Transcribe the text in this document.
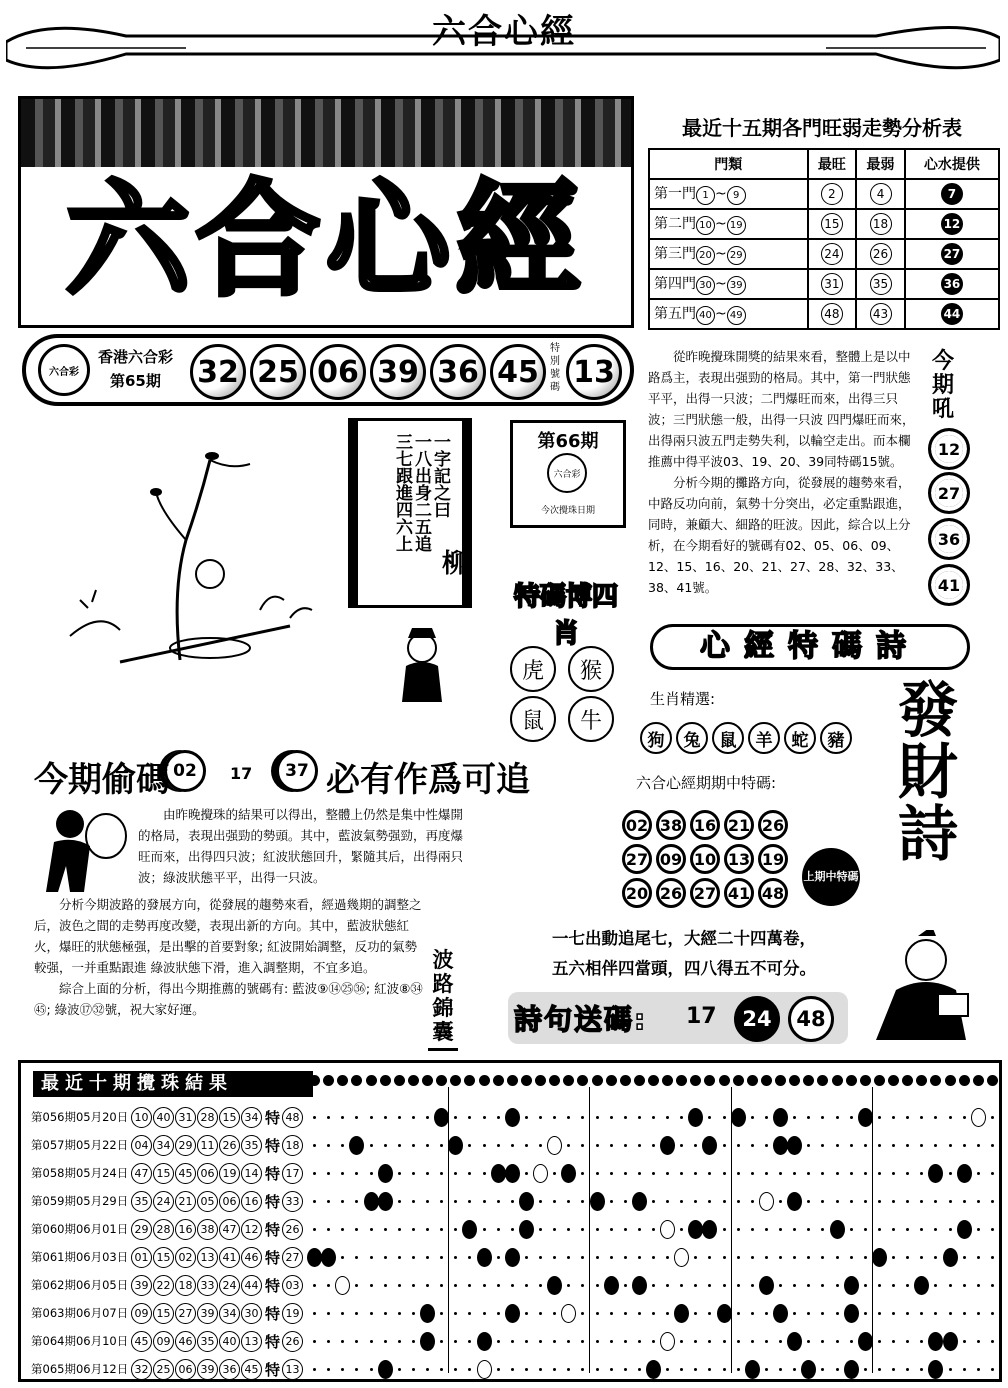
六合心經
六合心經
六合彩
香港六合彩
第65期 32 25 06 39 36 45
特別號碼 13
最近十五期各門旺弱走勢分析表
門類	最旺	最弱	心水提供
第一門 1 ~ 9	2	4	7
第二門 10 ~ 19	15	18	12
第三門 20 ~ 29	24	26	27
第四門 30 ~ 39	31	35	36
第五門 40 ~ 49	48	43	44

從昨晚攪珠開獎的結果來看，整體上是以中路爲主，表現出强勁的格局。其中，第一門狀態平平，出得一只波；二門爆旺而來，出得三只波；三門狀態一般，出得一只波 四門爆旺而來，出得兩只波五門走勢失利，以輪空走出。而本欄推薦中得平波03、19、20、39同特碼15號。

分析今期的攤路方向，從發展的趨勢來看，中路反功向前，氣勢十分突出，必定重點跟進，同時，兼顧大、細路的旺波。因此，綜合以上分析，在今期看好的號碼有02、05、06、09、12、15、16、20、21、27、28、32、33、38、41號。

今期吼
12
27
36
41
一字記之曰
一八出身二五追
三七跟進四六上
柳
第66期
六合彩
今次攪珠日期
特碼博四肖
虎	猴
鼠	牛
心經特碼詩
生肖精選:
狗	兔	鼠	羊	蛇	豬
六合心經期期中特碼:
02 38 16 21 26
27 09 10 13 19
20 26 27 41 48
上期中特碼
發財詩
一七出動追尾七，大經二十四萬卷，
五六相伴四當頭，四八得五不可分。
詩句送碼: 17	24	48
今期偷碼 02	17	37 必有作爲可追

由昨晚攪珠的結果可以得出，整體上仍然是集中性爆開的格局，表現出强勁的勢頭。其中，藍波氣勢强勁，再度爆旺而來，出得四只波；紅波狀態回升，緊隨其后，出得兩只波；綠波狀態平平，出得一只波。

分析今期波路的發展方向，從發展的趨勢來看，經過幾期的調整之后，波色之間的走勢再度改變，表現出新的方向。其中，藍波狀態紅火，爆旺的狀態極强，是出擊的首要對象; 紅波開始調整，反功的氣勢較强，一并重點跟進 綠波狀態下滑，進入調整期，不宜多追。

綜合上面的分析，得出今期推薦的號碼有: 藍波⑨⑭㉕㊱; 紅波⑧㉞㊺; 綠波⑰㉜號，祝大家好運。

波路錦囊
最近十期攪珠結果
第056期05月20日 10 40 31 28 15 34 特 48
第057期05月22日 04 34 29 11 26 35 特 18
第058期05月24日 47 15 45 06 19 14 特 17
第059期05月29日 35 24 21 05 06 16 特 33
第060期06月01日 29 28 16 38 47 12 特 26
第061期06月03日 01 15 02 13 41 46 特 27
第062期06月05日 39 22 18 33 24 44 特 03
第063期06月07日 09 15 27 39 34 30 特 19
第064期06月10日 45 09 46 35 40 13 特 26
第065期06月12日 32 25 06 39 36 45 特 13
